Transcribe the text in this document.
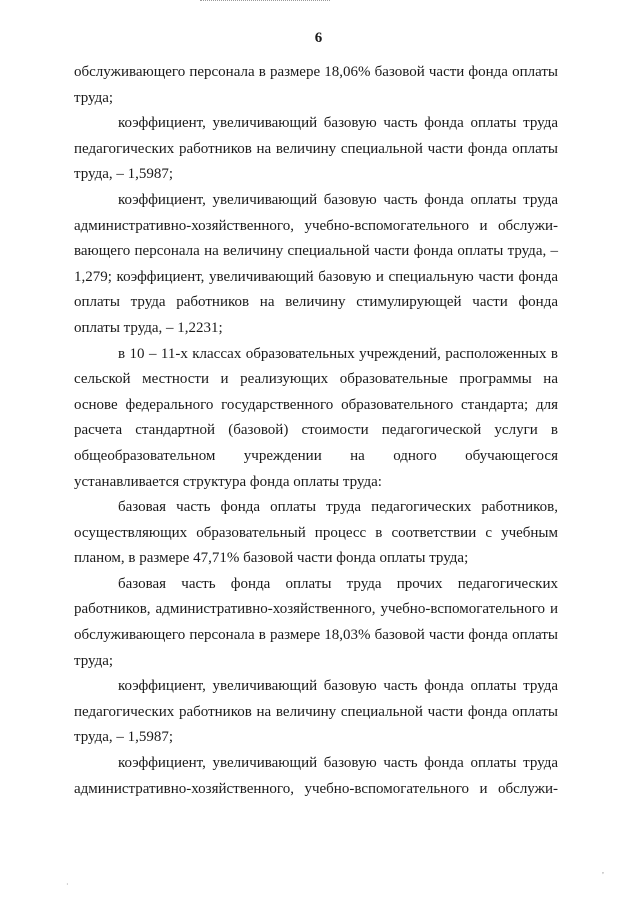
6

обслуживающего персонала в размере 18,06% базовой части фонда оплаты труда;

коэффициент, увеличивающий базовую часть фонда оплаты труда педагогических работников на величину специальной части фонда оплаты труда, – 1,5987;

коэффициент, увеличивающий базовую часть фонда оплаты труда административно-хозяйственного, учебно-вспомогательного и обслужи-вающего персонала на величину специальной части фонда оплаты труда, – 1,279; коэффициент, увеличивающий базовую и специальную части фонда оплаты труда работников на величину стимулирующей части фонда оплаты труда, – 1,2231;

в 10 – 11-х классах образовательных учреждений, расположенных в сельской местности и реализующих образовательные программы на основе федерального государственного образовательного стандарта; для расчета стандартной (базовой) стоимости педагогической услуги в общеобразовательном учреждении на одного обучающегося устанавливается структура фонда оплаты труда:

базовая часть фонда оплаты труда педагогических работников, осуществляющих образовательный процесс в соответствии с учебным планом, в размере 47,71% базовой части фонда оплаты труда;

базовая часть фонда оплаты труда прочих педагогических работников, административно-хозяйственного, учебно-вспомогательного и обслуживающего персонала в размере 18,03% базовой части фонда оплаты труда;

коэффициент, увеличивающий базовую часть фонда оплаты труда педагогических работников на величину специальной части фонда оплаты труда, – 1,5987;

коэффициент, увеличивающий базовую часть фонда оплаты труда административно-хозяйственного, учебно-вспомогательного и обслужи-

·
,
